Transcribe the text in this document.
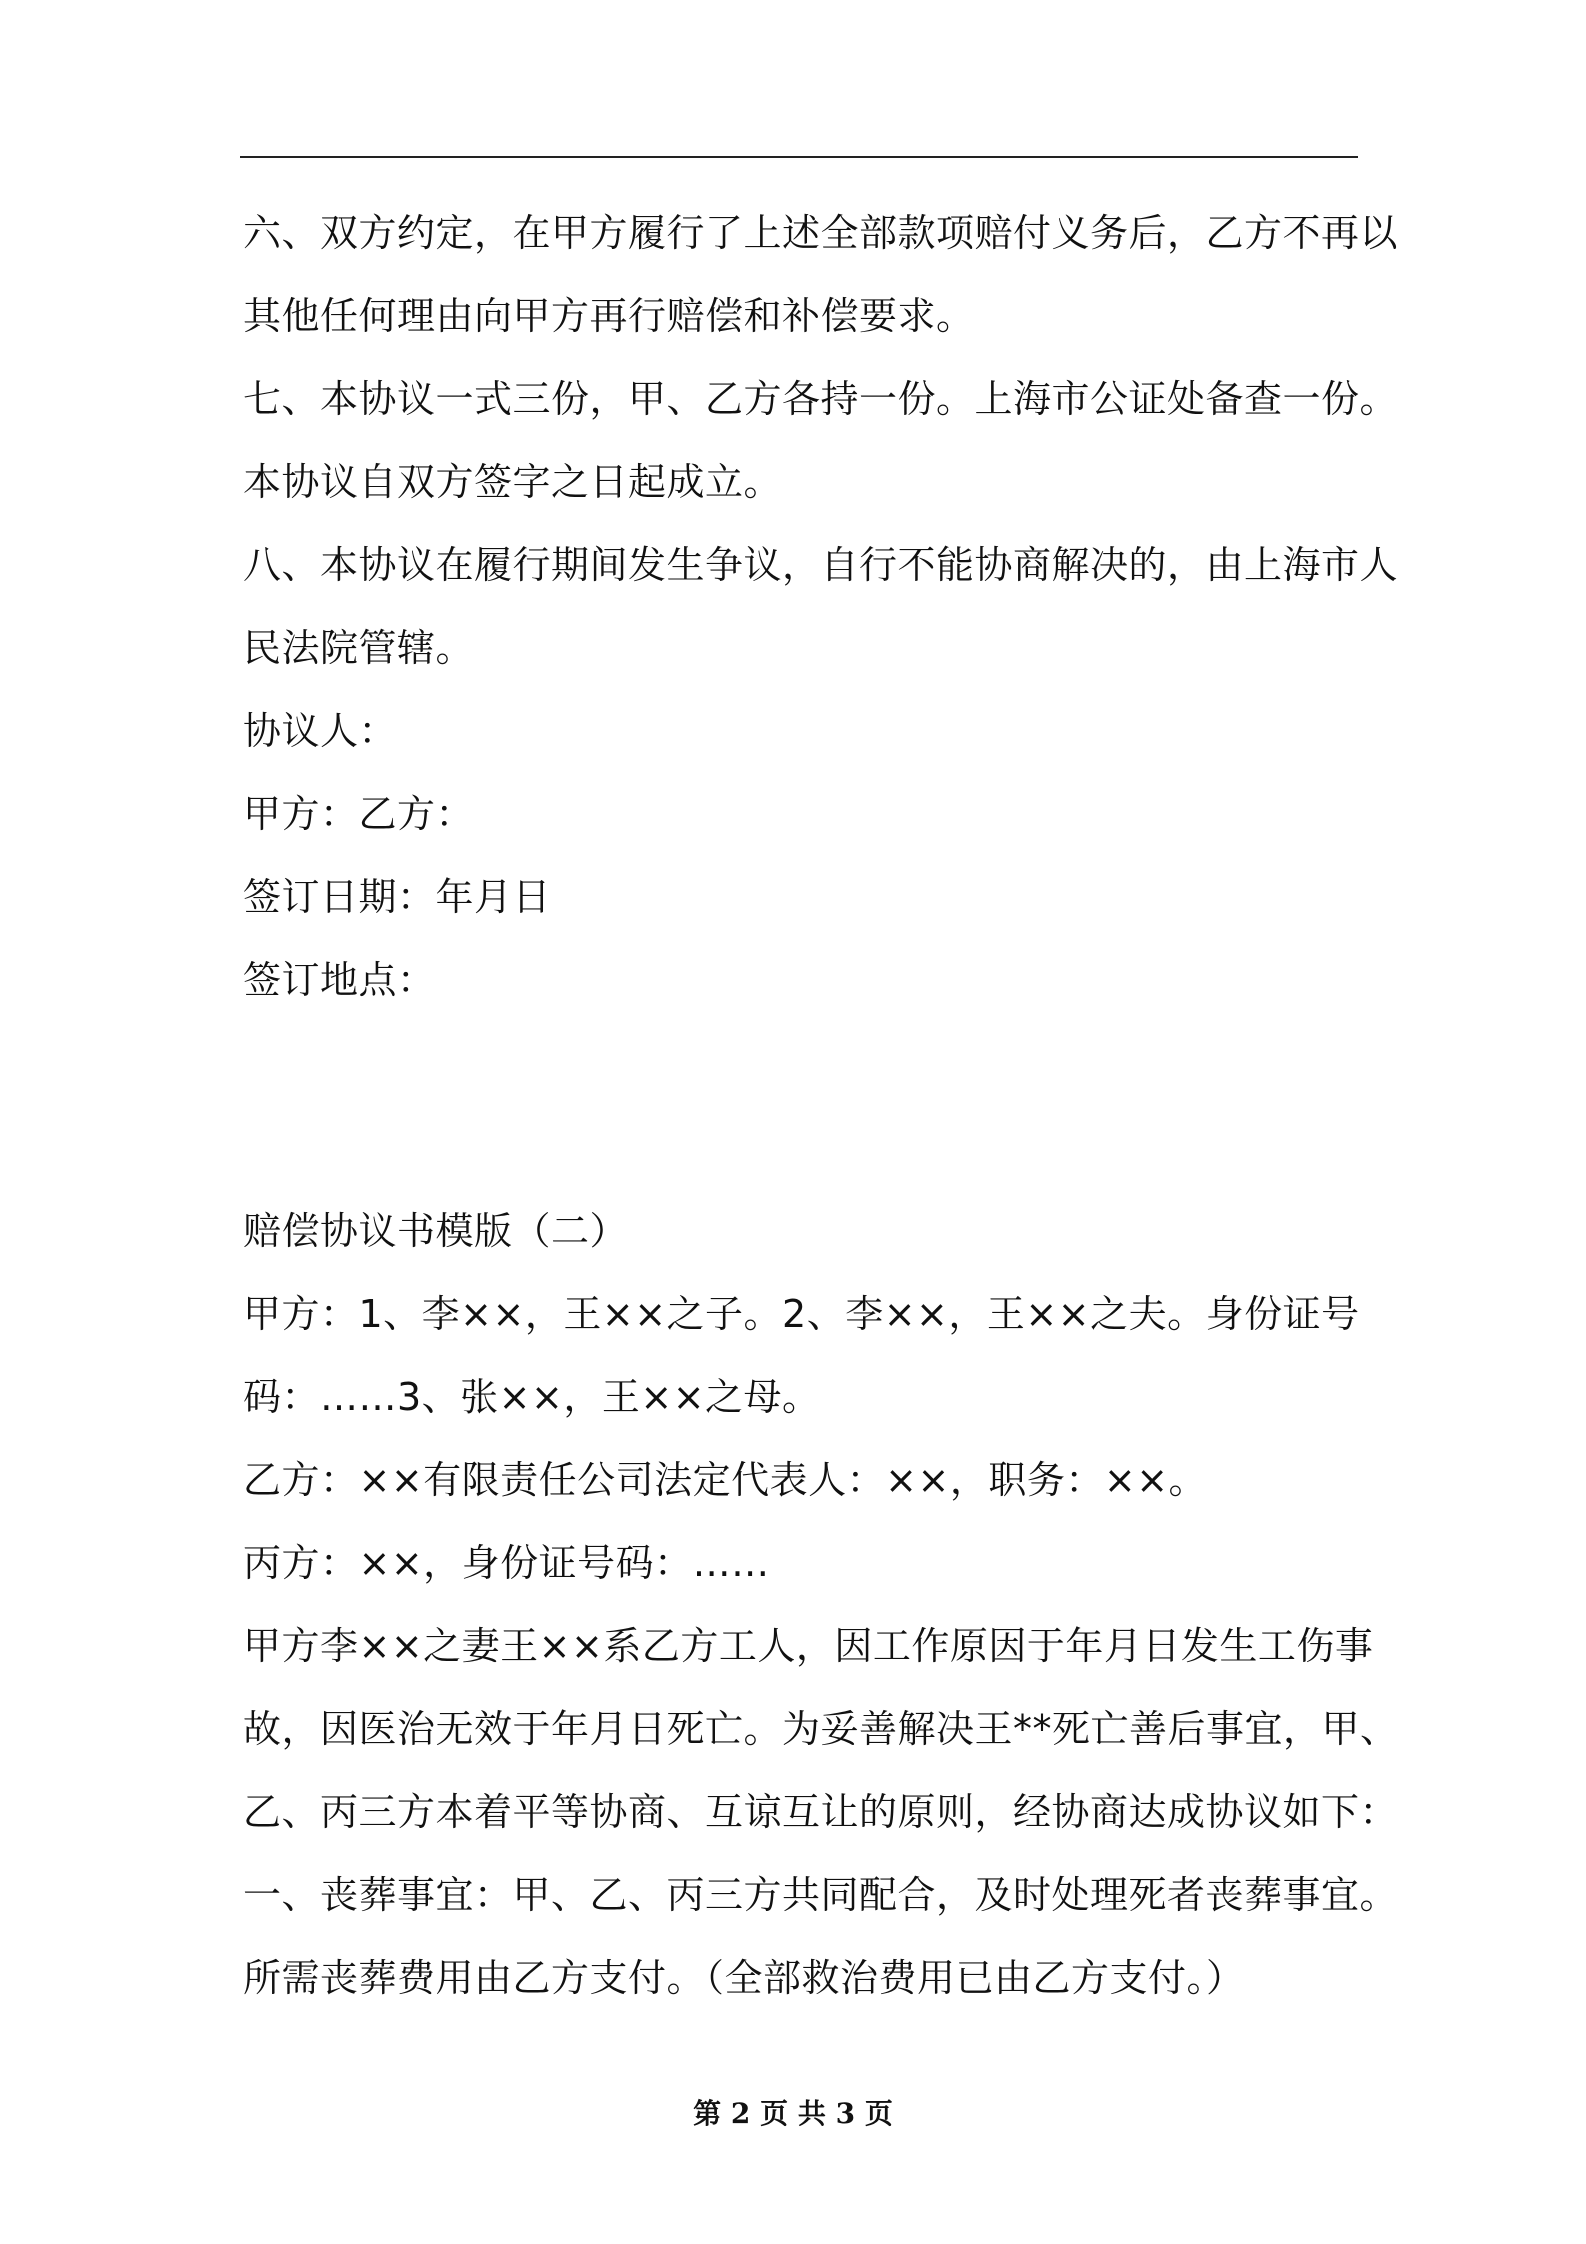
六、双方约定，在甲方履行了上述全部款项赔付义务后，乙方不再以
其他任何理由向甲方再行赔偿和补偿要求。
七、本协议一式三份，甲、乙方各持一份。上海市公证处备查一份。
本协议自双方签字之日起成立。
八、本协议在履行期间发生争议，自行不能协商解决的，由上海市人
民法院管辖。
协议人：
甲方：乙方：
签订日期：年月日
签订地点：
赔偿协议书模版（二）
甲方：1、李××，王××之子。2、李××，王××之夫。身份证号
码：……3、张××，王××之母。
乙方：××有限责任公司法定代表人：××，职务：××。
丙方：××，身份证号码：……
甲方李××之妻王××系乙方工人，因工作原因于年月日发生工伤事
故，因医治无效于年月日死亡。为妥善解决王**死亡善后事宜，甲、
乙、丙三方本着平等协商、互谅互让的原则，经协商达成协议如下：
一、丧葬事宜：甲、乙、丙三方共同配合，及时处理死者丧葬事宜。
所需丧葬费用由乙方支付。（全部救治费用已由乙方支付。）
第 2 页 共 3 页
